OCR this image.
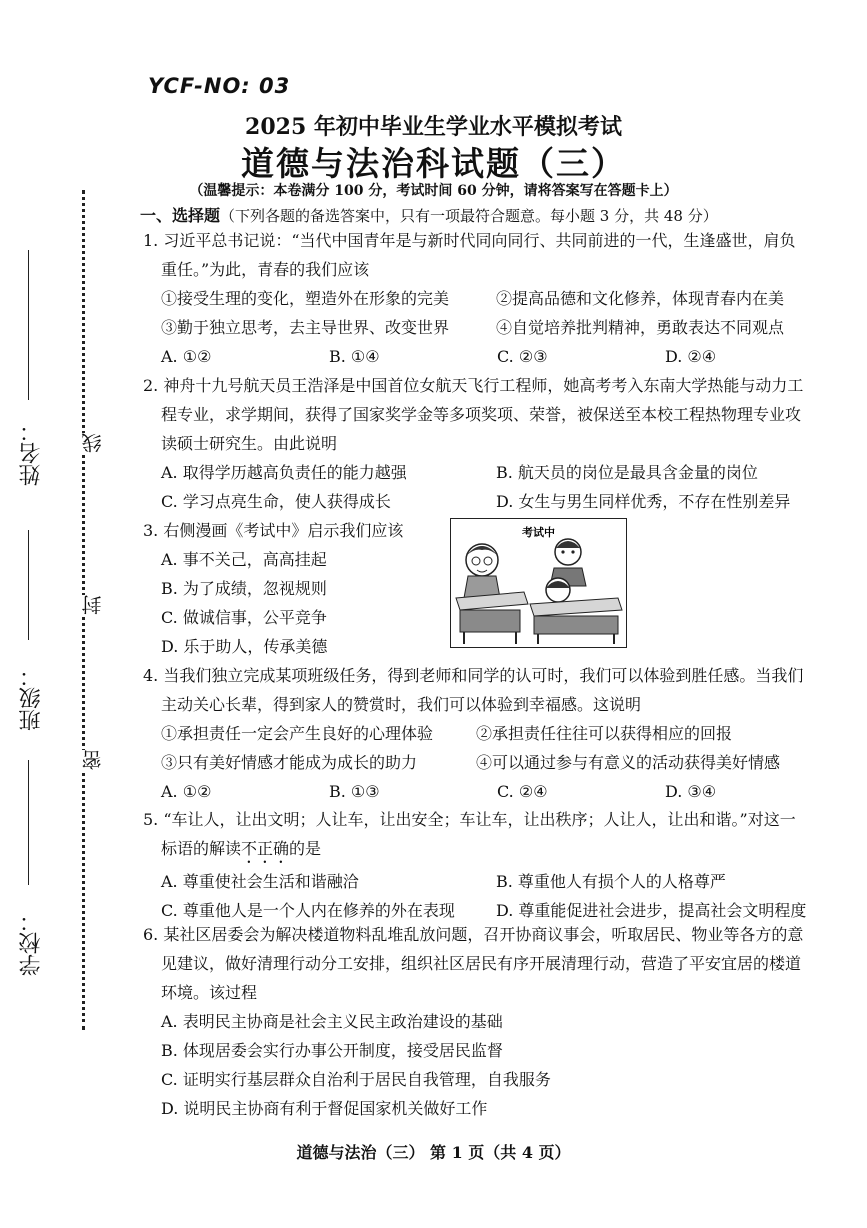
姓名：
班级：
学校：
线
封
密
YCF-NO: 03
2025 年初中毕业生学业水平模拟考试
道德与法治科试题（三）
（温馨提示：本卷满分 100 分，考试时间 60 分钟，请将答案写在答题卡上）
一、选择题（下列各题的备选答案中，只有一项最符合题意。每小题 3 分，共 48 分）
1. 习近平总书记说：“当代中国青年是与新时代同向同行、共同前进的一代，生逢盛世，肩负
重任。”为此，青春的我们应该
①接受生理的变化，塑造外在形象的完美	②提高品德和文化修养，体现青春内在美
③勤于独立思考，去主导世界、改变世界	④自觉培养批判精神，勇敢表达不同观点
A. ①②	B. ①④	C. ②③	D. ②④
2. 神舟十九号航天员王浩泽是中国首位女航天飞行工程师，她高考考入东南大学热能与动力工
程专业，求学期间，获得了国家奖学金等多项奖项、荣誉，被保送至本校工程热物理专业攻
读硕士研究生。由此说明
A. 取得学历越高负责任的能力越强	B. 航天员的岗位是最具含金量的岗位
C. 学习点亮生命，使人获得成长	D. 女生与男生同样优秀，不存在性别差异
3. 右侧漫画《考试中》启示我们应该
A. 事不关己，高高挂起
B. 为了成绩，忽视规则
C. 做诚信事，公平竞争
D. 乐于助人，传承美德
考试中
4. 当我们独立完成某项班级任务，得到老师和同学的认可时，我们可以体验到胜任感。当我们
主动关心长辈，得到家人的赞赏时，我们可以体验到幸福感。这说明
①承担责任一定会产生良好的心理体验	②承担责任往往可以获得相应的回报
③只有美好情感才能成为成长的助力	④可以通过参与有意义的活动获得美好情感
A. ①②	B. ①③	C. ②④	D. ③④
5. “车让人，让出文明；人让车，让出安全；车让车，让出秩序；人让人，让出和谐。”对这一
标语的解读不正确的是
A. 尊重使社会生活和谐融洽	B. 尊重他人有损个人的人格尊严
C. 尊重他人是一个人内在修养的外在表现	D. 尊重能促进社会进步，提高社会文明程度
6. 某社区居委会为解决楼道物料乱堆乱放问题，召开协商议事会，听取居民、物业等各方的意
见建议，做好清理行动分工安排，组织社区居民有序开展清理行动，营造了平安宜居的楼道
环境。该过程
A. 表明民主协商是社会主义民主政治建设的基础
B. 体现居委会实行办事公开制度，接受居民监督
C. 证明实行基层群众自治利于居民自我管理，自我服务
D. 说明民主协商有利于督促国家机关做好工作
道德与法治（三） 第 1 页（共 4 页）
